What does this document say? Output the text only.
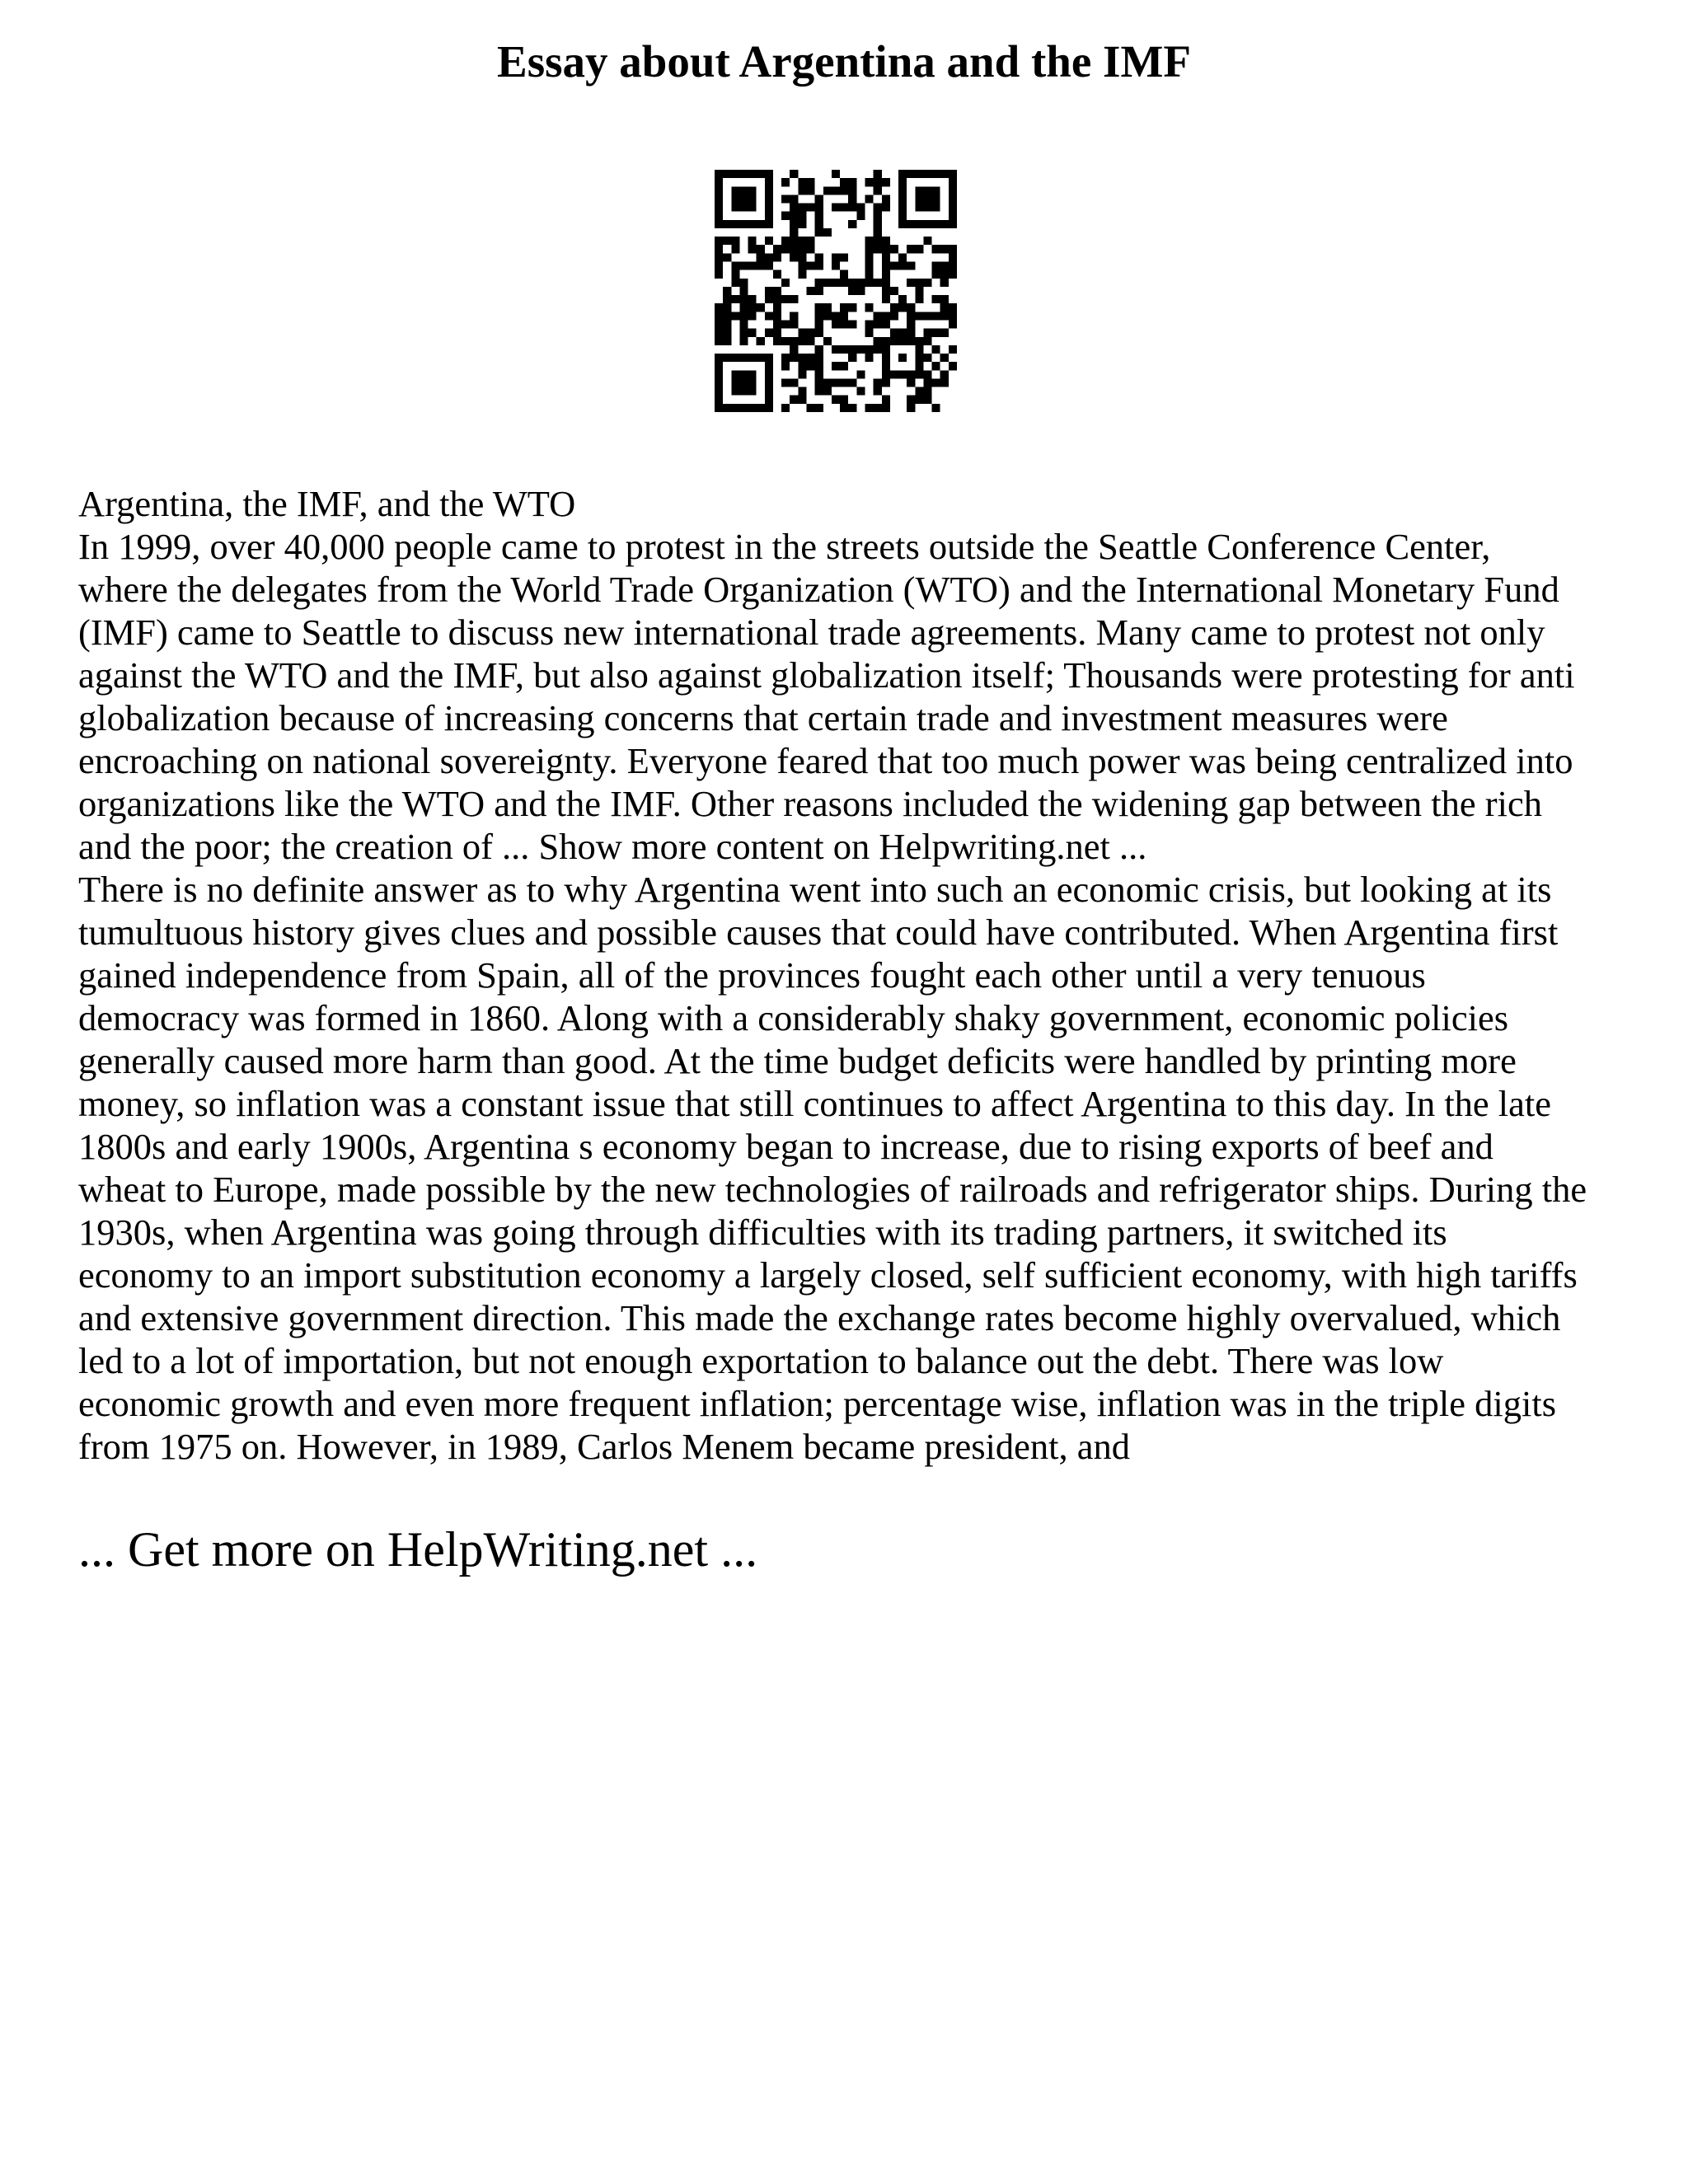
Essay about Argentina and the IMF
Argentina, the IMF, and the WTO
In 1999, over 40,000 people came to protest in the streets outside the Seattle Conference Center,
where the delegates from the World Trade Organization (WTO) and the International Monetary Fund
(IMF) came to Seattle to discuss new international trade agreements. Many came to protest not only
against the WTO and the IMF, but also against globalization itself; Thousands were protesting for anti
globalization because of increasing concerns that certain trade and investment measures were
encroaching on national sovereignty. Everyone feared that too much power was being centralized into
organizations like the WTO and the IMF. Other reasons included the widening gap between the rich
and the poor; the creation of ... Show more content on Helpwriting.net ...
There is no definite answer as to why Argentina went into such an economic crisis, but looking at its
tumultuous history gives clues and possible causes that could have contributed. When Argentina first
gained independence from Spain, all of the provinces fought each other until a very tenuous
democracy was formed in 1860. Along with a considerably shaky government, economic policies
generally caused more harm than good. At the time budget deficits were handled by printing more
money, so inflation was a constant issue that still continues to affect Argentina to this day. In the late
1800s and early 1900s, Argentina s economy began to increase, due to rising exports of beef and
wheat to Europe, made possible by the new technologies of railroads and refrigerator ships. During the
1930s, when Argentina was going through difficulties with its trading partners, it switched its
economy to an import substitution economy a largely closed, self sufficient economy, with high tariffs
and extensive government direction. This made the exchange rates become highly overvalued, which
led to a lot of importation, but not enough exportation to balance out the debt. There was low
economic growth and even more frequent inflation; percentage wise, inflation was in the triple digits
from 1975 on. However, in 1989, Carlos Menem became president, and
... Get more on HelpWriting.net ...
